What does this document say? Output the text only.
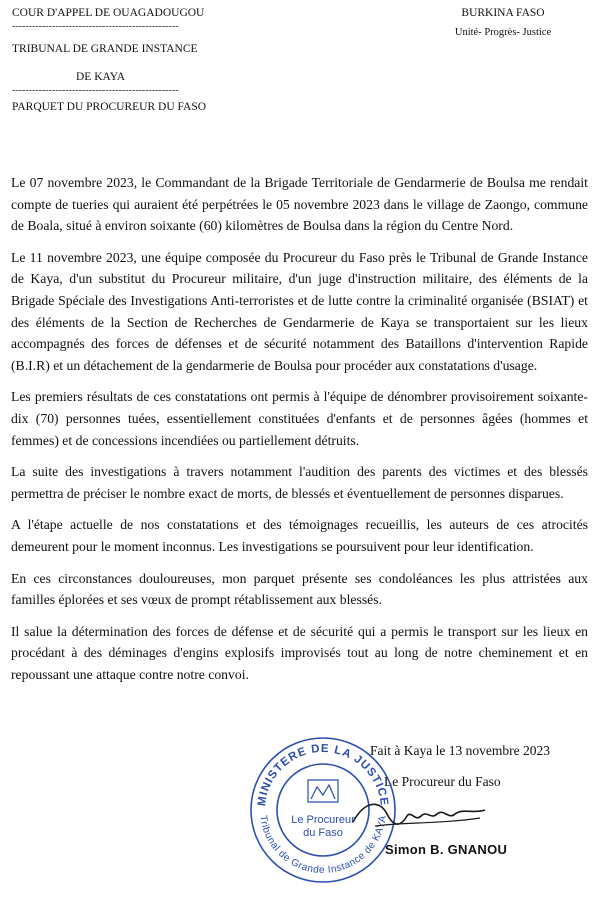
COUR D'APPEL DE OUAGADOUGOU
--------------------------------------------------
TRIBUNAL DE GRANDE INSTANCE
DE KAYA
--------------------------------------------------
PARQUET DU PROCUREUR DU FASO
BURKINA FASO
Unité- Progrès- Justice

Le 07 novembre 2023, le Commandant de la Brigade Territoriale de Gendarmerie de Boulsa me rendait compte de tueries qui auraient été perpétrées le 05 novembre 2023 dans le village de Zaongo, commune de Boala, situé à environ soixante (60) kilomètres de Boulsa dans la région du Centre Nord.

Le 11 novembre 2023, une équipe composée du Procureur du Faso près le Tribunal de Grande Instance de Kaya, d'un substitut du Procureur militaire, d'un juge d'instruction militaire, des éléments de la Brigade Spéciale des Investigations Anti-terroristes et de lutte contre la criminalité organisée (BSIAT) et des éléments de la Section de Recherches de Gendarmerie de Kaya se transportaient sur les lieux accompagnés des forces de défenses et de sécurité notamment des Bataillons d'intervention Rapide (B.I.R) et un détachement de la gendarmerie de Boulsa pour procéder aux constatations d'usage.

Les premiers résultats de ces constatations ont permis à l'équipe de dénombrer provisoirement soixante-dix (70) personnes tuées, essentiellement constituées d'enfants et de personnes âgées (hommes et femmes) et de concessions incendiées ou partiellement détruits.

La suite des investigations à travers notamment l'audition des parents des victimes et des blessés permettra de préciser le nombre exact de morts, de blessés et éventuellement de personnes disparues.

A l'étape actuelle de nos constatations et des témoignages recueillis, les auteurs de ces atrocités demeurent pour le moment inconnus. Les investigations se poursuivent pour leur identification.

En ces circonstances douloureuses, mon parquet présente ses condoléances les plus attristées aux familles éplorées et ses vœux de prompt rétablissement aux blessés.

Il salue la détermination des forces de défense et de sécurité qui a permis le transport sur les lieux en procédant à des déminages d'engins explosifs improvisés tout au long de notre cheminement et en repoussant une attaque contre notre convoi.

Fait à Kaya le 13 novembre 2023
Le Procureur du Faso
MINISTERE DE LA JUSTICE
Tribunal de Grande Instance de KAYA
Le Procureur
du Faso
Simon B. GNANOU
